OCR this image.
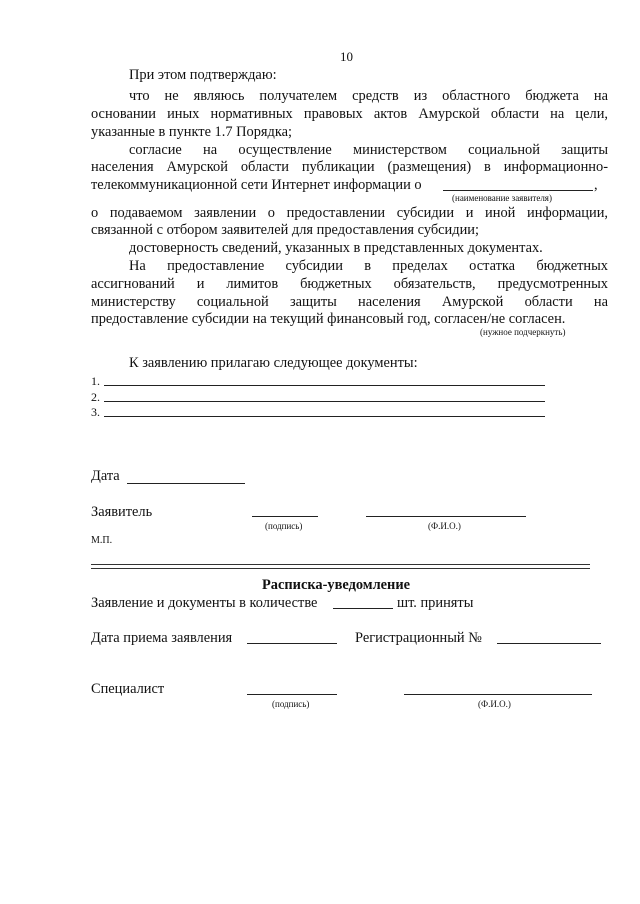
10
При этом подтверждаю:
что не являюсь получателем средств из областного бюджета на
основании иных нормативных правовых актов Амурской области на цели,
указанные в пункте 1.7 Порядка;
согласие на осуществление министерством социальной защиты
населения Амурской области публикации (размещения) в информационно-
телекоммуникационной сети Интернет информации о	,
(наименование заявителя)
о подаваемом заявлении о предоставлении субсидии и иной информации,
связанной с отбором заявителей для предоставления субсидии;
достоверность сведений, указанных в представленных документах.
На предоставление субсидии в пределах остатка бюджетных
ассигнований и лимитов бюджетных обязательств, предусмотренных
министерству социальной защиты населения Амурской области на
предоставление субсидии на текущий финансовый год, согласен/не согласен.
(нужное подчеркнуть)
К заявлению прилагаю следующее документы:
1.
2.
3.
Дата
Заявитель
(подпись)	(Ф.И.О.)
М.П.
Расписка-уведомление
Заявление и документы в количестве	шт. приняты
Дата приема заявления	Регистрационный №
Специалист
(подпись)	(Ф.И.О.)
